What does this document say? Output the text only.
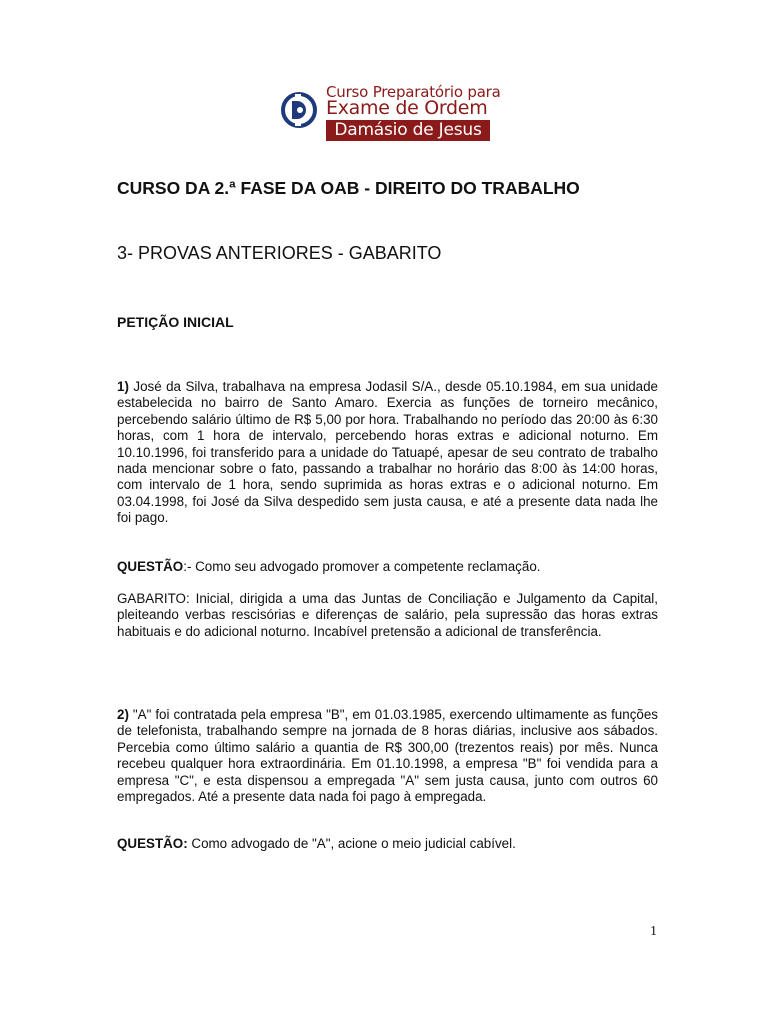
Curso Preparatório para
Exame de Ordem
Damásio de Jesus
CURSO DA 2.ª FASE DA OAB - DIREITO DO TRABALHO
3- PROVAS ANTERIORES - GABARITO
PETIÇÃO INICIAL
1) José da Silva, trabalhava na empresa Jodasil S/A., desde 05.10.1984, em sua unidade estabelecida no bairro de Santo Amaro. Exercia as funções de torneiro mecânico, percebendo salário último de R$ 5,00 por hora. Trabalhando no período das 20:00 às 6:30 horas, com 1 hora de intervalo, percebendo horas extras e adicional noturno. Em 10.10.1996, foi transferido para a unidade do Tatuapé, apesar de seu contrato de trabalho nada mencionar sobre o fato, passando a trabalhar no horário das 8:00 às 14:00 horas, com intervalo de 1 hora, sendo suprimida as horas extras e o adicional noturno. Em 03.04.1998, foi José da Silva despedido sem justa causa, e até a presente data nada lhe foi pago.
QUESTÃO:- Como seu advogado promover a competente reclamação.
GABARITO: Inicial, dirigida a uma das Juntas de Conciliação e Julgamento da Capital, pleiteando verbas rescisórias e diferenças de salário, pela supressão das horas extras habituais e do adicional noturno. Incabível pretensão a adicional de transferência.
2) "A" foi contratada pela empresa "B", em 01.03.1985, exercendo ultimamente as funções de telefonista, trabalhando sempre na jornada de 8 horas diárias, inclusive aos sábados. Percebia como último salário a quantia de R$ 300,00 (trezentos reais) por mês. Nunca recebeu qualquer hora extraordinária. Em 01.10.1998, a empresa "B" foi vendida para a empresa "C", e esta dispensou a empregada "A" sem justa causa, junto com outros 60 empregados. Até a presente data nada foi pago à empregada.
QUESTÃO: Como advogado de "A", acione o meio judicial cabível.
1
